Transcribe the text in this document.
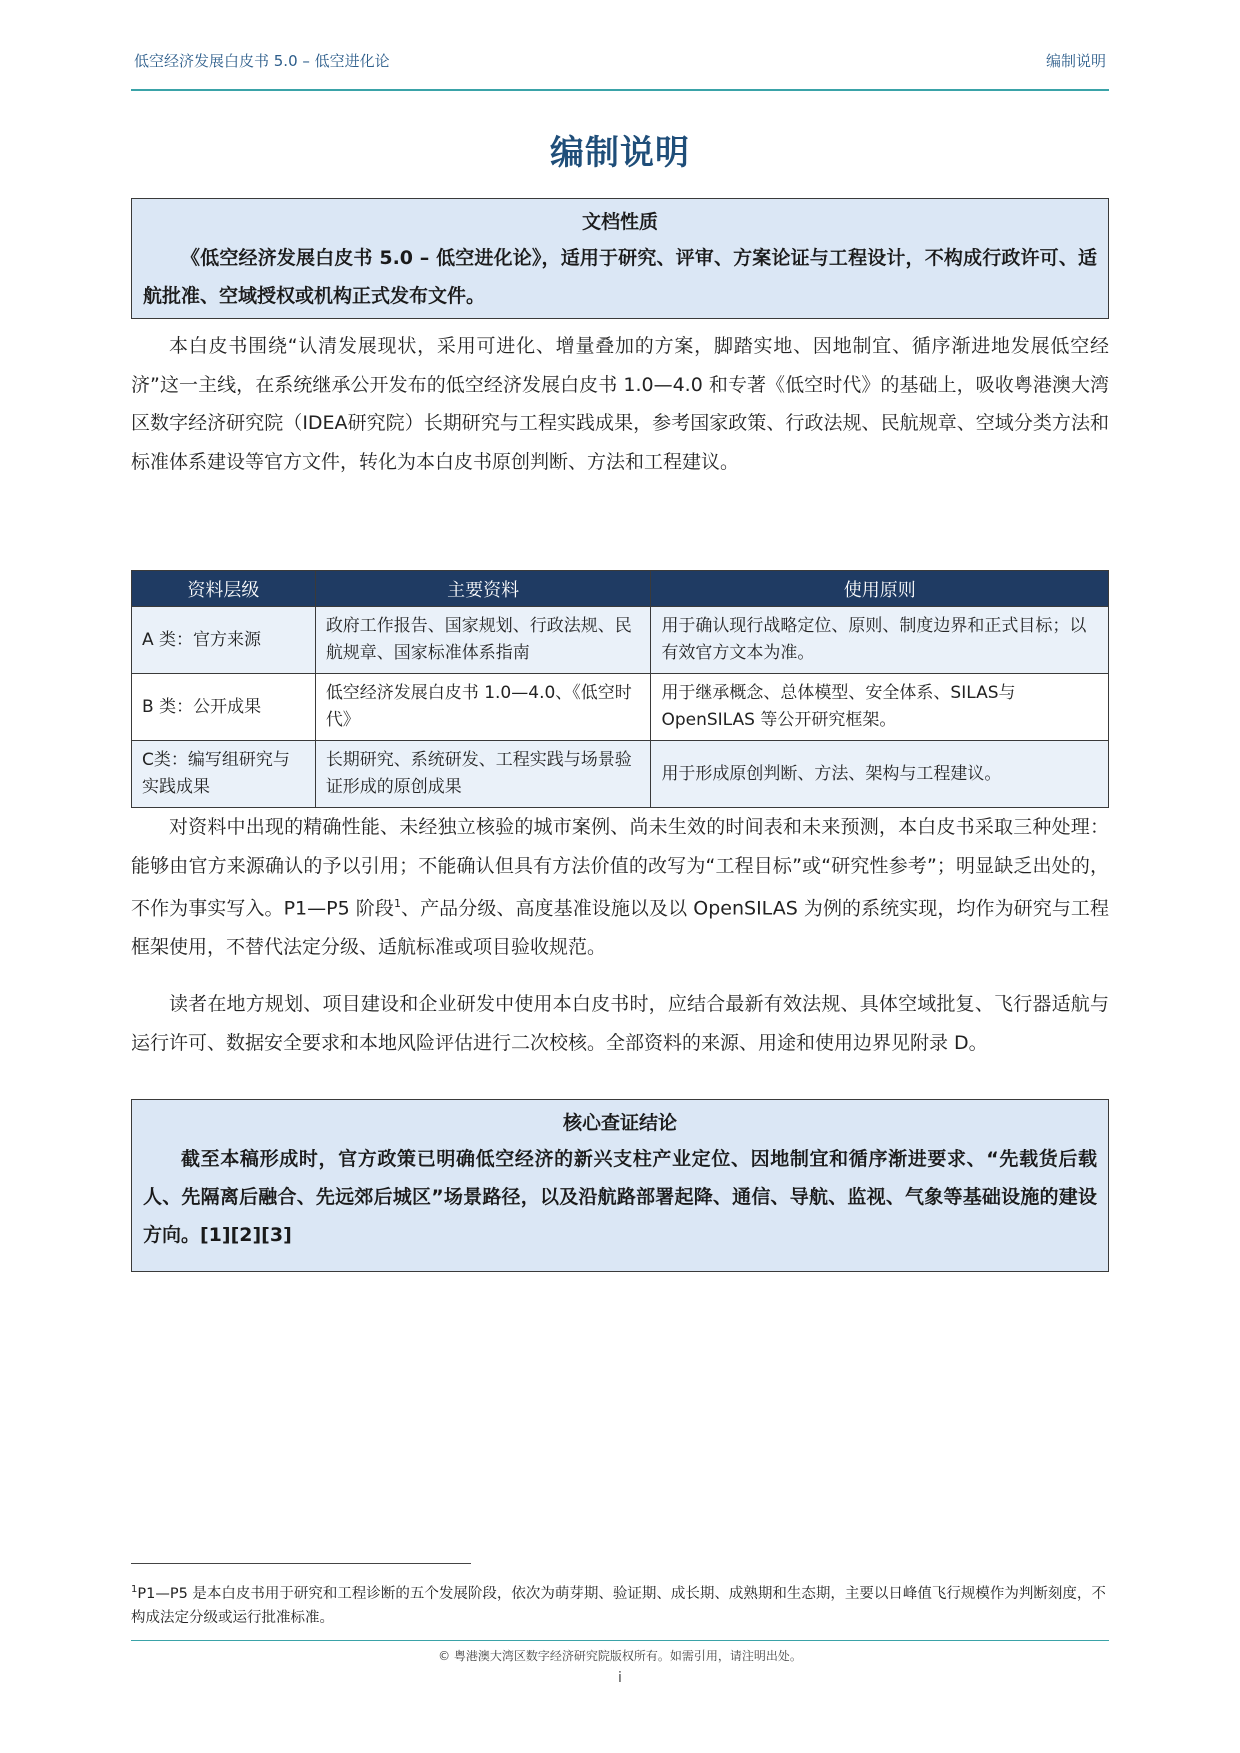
低空经济发展白皮书 5.0 – 低空进化论	编制说明
编制说明
文档性质
《低空经济发展白皮书 5.0 – 低空进化论》，适用于研究、评审、方案论证与工程设计，不构成行政许可、适航批准、空域授权或机构正式发布文件。
本白皮书围绕“认清发展现状，采用可进化、增量叠加的方案，脚踏实地、因地制宜、循序渐进地发展低空经济”这一主线，在系统继承公开发布的低空经济发展白皮书 1.0—4.0 和专著《低空时代》的基础上，吸收粤港澳大湾区数字经济研究院（IDEA研究院）长期研究与工程实践成果，参考国家政策、行政法规、民航规章、空域分类方法和标准体系建设等官方文件，转化为本白皮书原创判断、方法和工程建议。
资料层级	主要资料	使用原则
A 类：官方来源	政府工作报告、国家规划、行政法规、民航规章、国家标准体系指南	用于确认现行战略定位、原则、制度边界和正式目标；以有效官方文本为准。
B 类：公开成果	低空经济发展白皮书 1.0—4.0、《低空时代》	用于继承概念、总体模型、安全体系、SILAS与OpenSILAS 等公开研究框架。
C类：编写组研究与实践成果	长期研究、系统研发、工程实践与场景验证形成的原创成果	用于形成原创判断、方法、架构与工程建议。
对资料中出现的精确性能、未经独立核验的城市案例、尚未生效的时间表和未来预测，本白皮书采取三种处理：能够由官方来源确认的予以引用；不能确认但具有方法价值的改写为“工程目标”或“研究性参考”；明显缺乏出处的，不作为事实写入。P1—P5 阶段$^1$、产品分级、高度基准设施以及以 OpenSILAS 为例的系统实现，均作为研究与工程框架使用，不替代法定分级、适航标准或项目验收规范。
读者在地方规划、项目建设和企业研发中使用本白皮书时，应结合最新有效法规、具体空域批复、飞行器适航与运行许可、数据安全要求和本地风险评估进行二次校核。全部资料的来源、用途和使用边界见附录 D。
核心查证结论
截至本稿形成时，官方政策已明确低空经济的新兴支柱产业定位、因地制宜和循序渐进要求、“先载货后载人、先隔离后融合、先远郊后城区”场景路径，以及沿航路部署起降、通信、导航、监视、气象等基础设施的建设方向。[1][2][3]
$^1$P1—P5 是本白皮书用于研究和工程诊断的五个发展阶段，依次为萌芽期、验证期、成长期、成熟期和生态期，主要以日峰值飞行规模作为判断刻度，不构成法定分级或运行批准标准。
© 粤港澳大湾区数字经济研究院版权所有。如需引用，请注明出处。
i
